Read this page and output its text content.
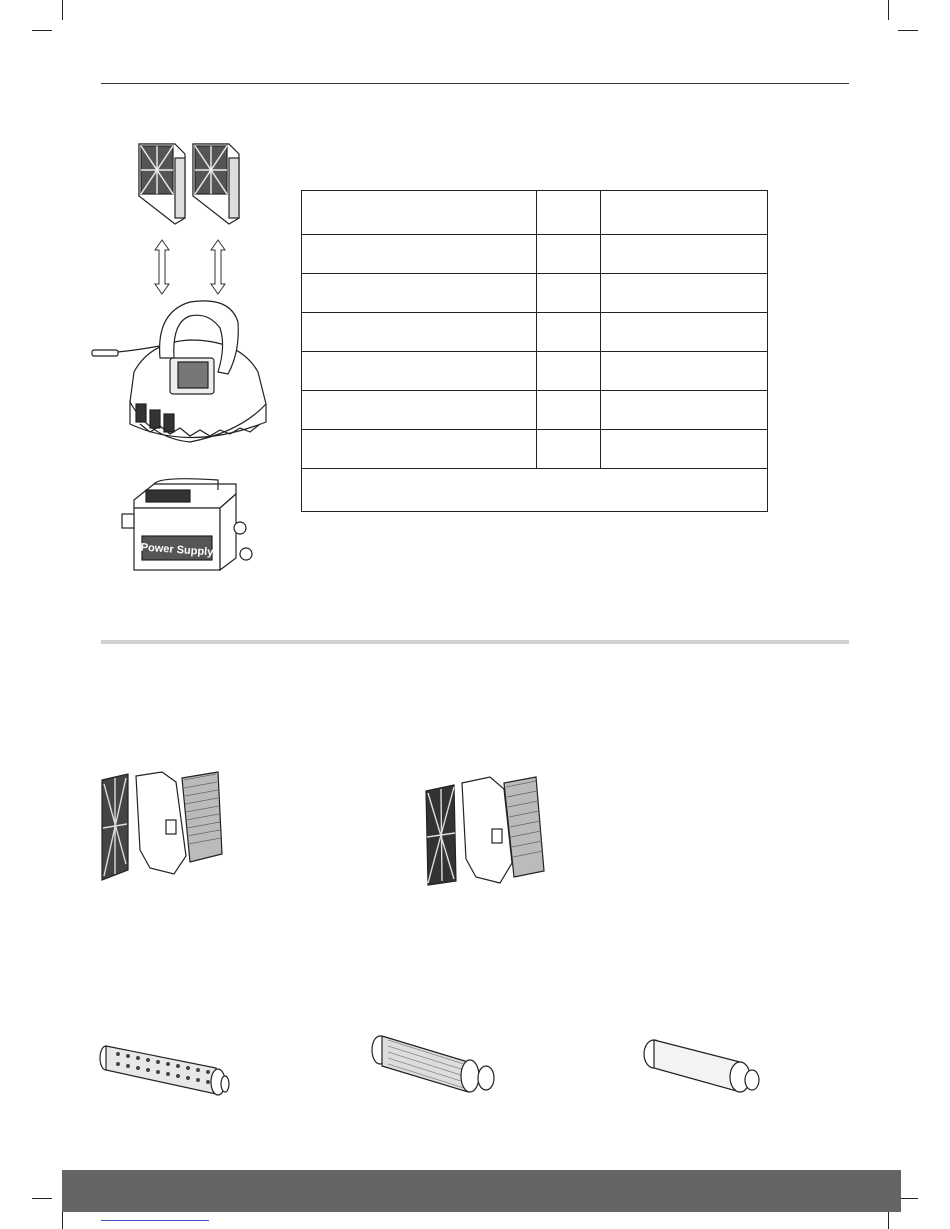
Power Supply
